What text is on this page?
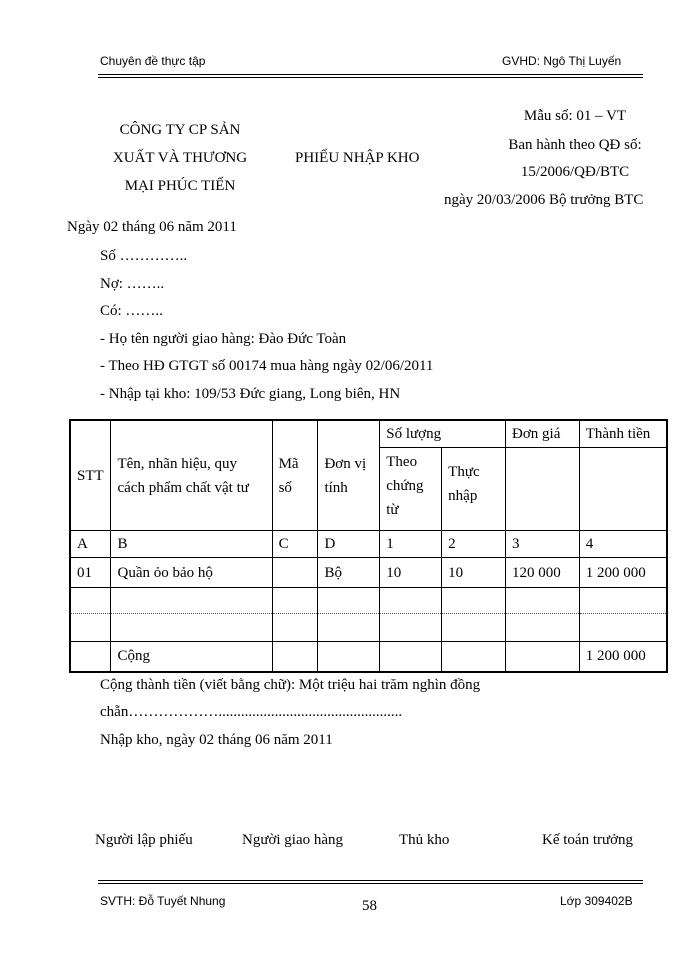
Chuyên đề thực tập	GVHD: Ngô Thị Luyến
CÔNG TY CP SẢN
XUẤT VÀ THƯƠNG
MẠI PHÚC TIẾN
PHIẾU NHẬP KHO
Mẫu số: 01 – VT
Ban hành theo QĐ số:
15/2006/QĐ/BTC
ngày 20/03/2006 Bộ trưởng BTC
Ngày 02 tháng 06 năm 2011
Số …………..
Nợ: ……..
Có: ……..
- Họ tên người giao hàng: Đào Đức Toàn
- Theo HĐ GTGT số 00174 mua hàng ngày 02/06/2011
- Nhập tại kho: 109/53 Đức giang, Long biên, HN
STT	Tên, nhãn hiệu, quy cách phẩm chất vật tư	Mã số	Đơn vị tính	Số lượng		Đơn giá	Thành tiền
				Theo chứng từ	Thực nhập		
A	B	C	D	1	2	3	4
01	Quần ỏo bảo hộ		Bộ	10	10	120 000	1 200 000

	Cộng						1 200 000
Cộng thành tiền (viết bằng chữ): Một triệu hai trăm nghìn đồng
chẵn……………….................................................
Nhập kho, ngày 02 tháng 06 năm 2011
Người lập phiếu	Người giao hàng	Thủ kho	Kế toán trưởng
SVTH: Đỗ Tuyết Nhung	58	Lớp 309402B
